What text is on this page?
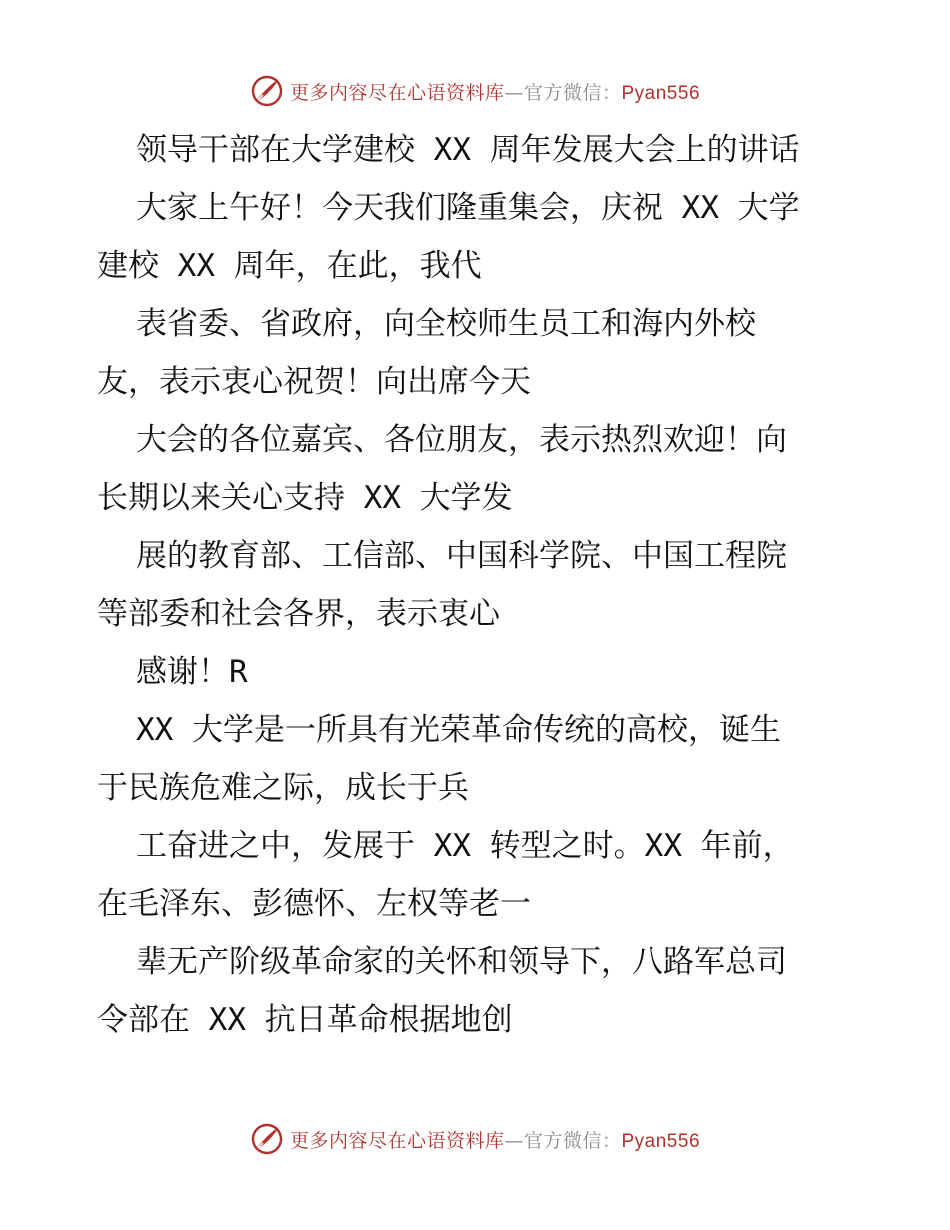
更多内容尽在心语资料库—官方微信：Pyan556
领导干部在大学建校 XX 周年发展大会上的讲话
大家上午好！今天我们隆重集会，庆祝 XX 大学
建校 XX 周年，在此，我代
表省委、省政府，向全校师生员工和海内外校
友，表示衷心祝贺！向出席今天
大会的各位嘉宾、各位朋友，表示热烈欢迎！向
长期以来关心支持 XX 大学发
展的教育部、工信部、中国科学院、中国工程院
等部委和社会各界，表示衷心
感谢！R
XX 大学是一所具有光荣革命传统的高校，诞生
于民族危难之际，成长于兵
工奋进之中，发展于 XX 转型之时。XX 年前，
在毛泽东、彭德怀、左权等老一
辈无产阶级革命家的关怀和领导下，八路军总司
令部在 XX 抗日革命根据地创
更多内容尽在心语资料库—官方微信：Pyan556
